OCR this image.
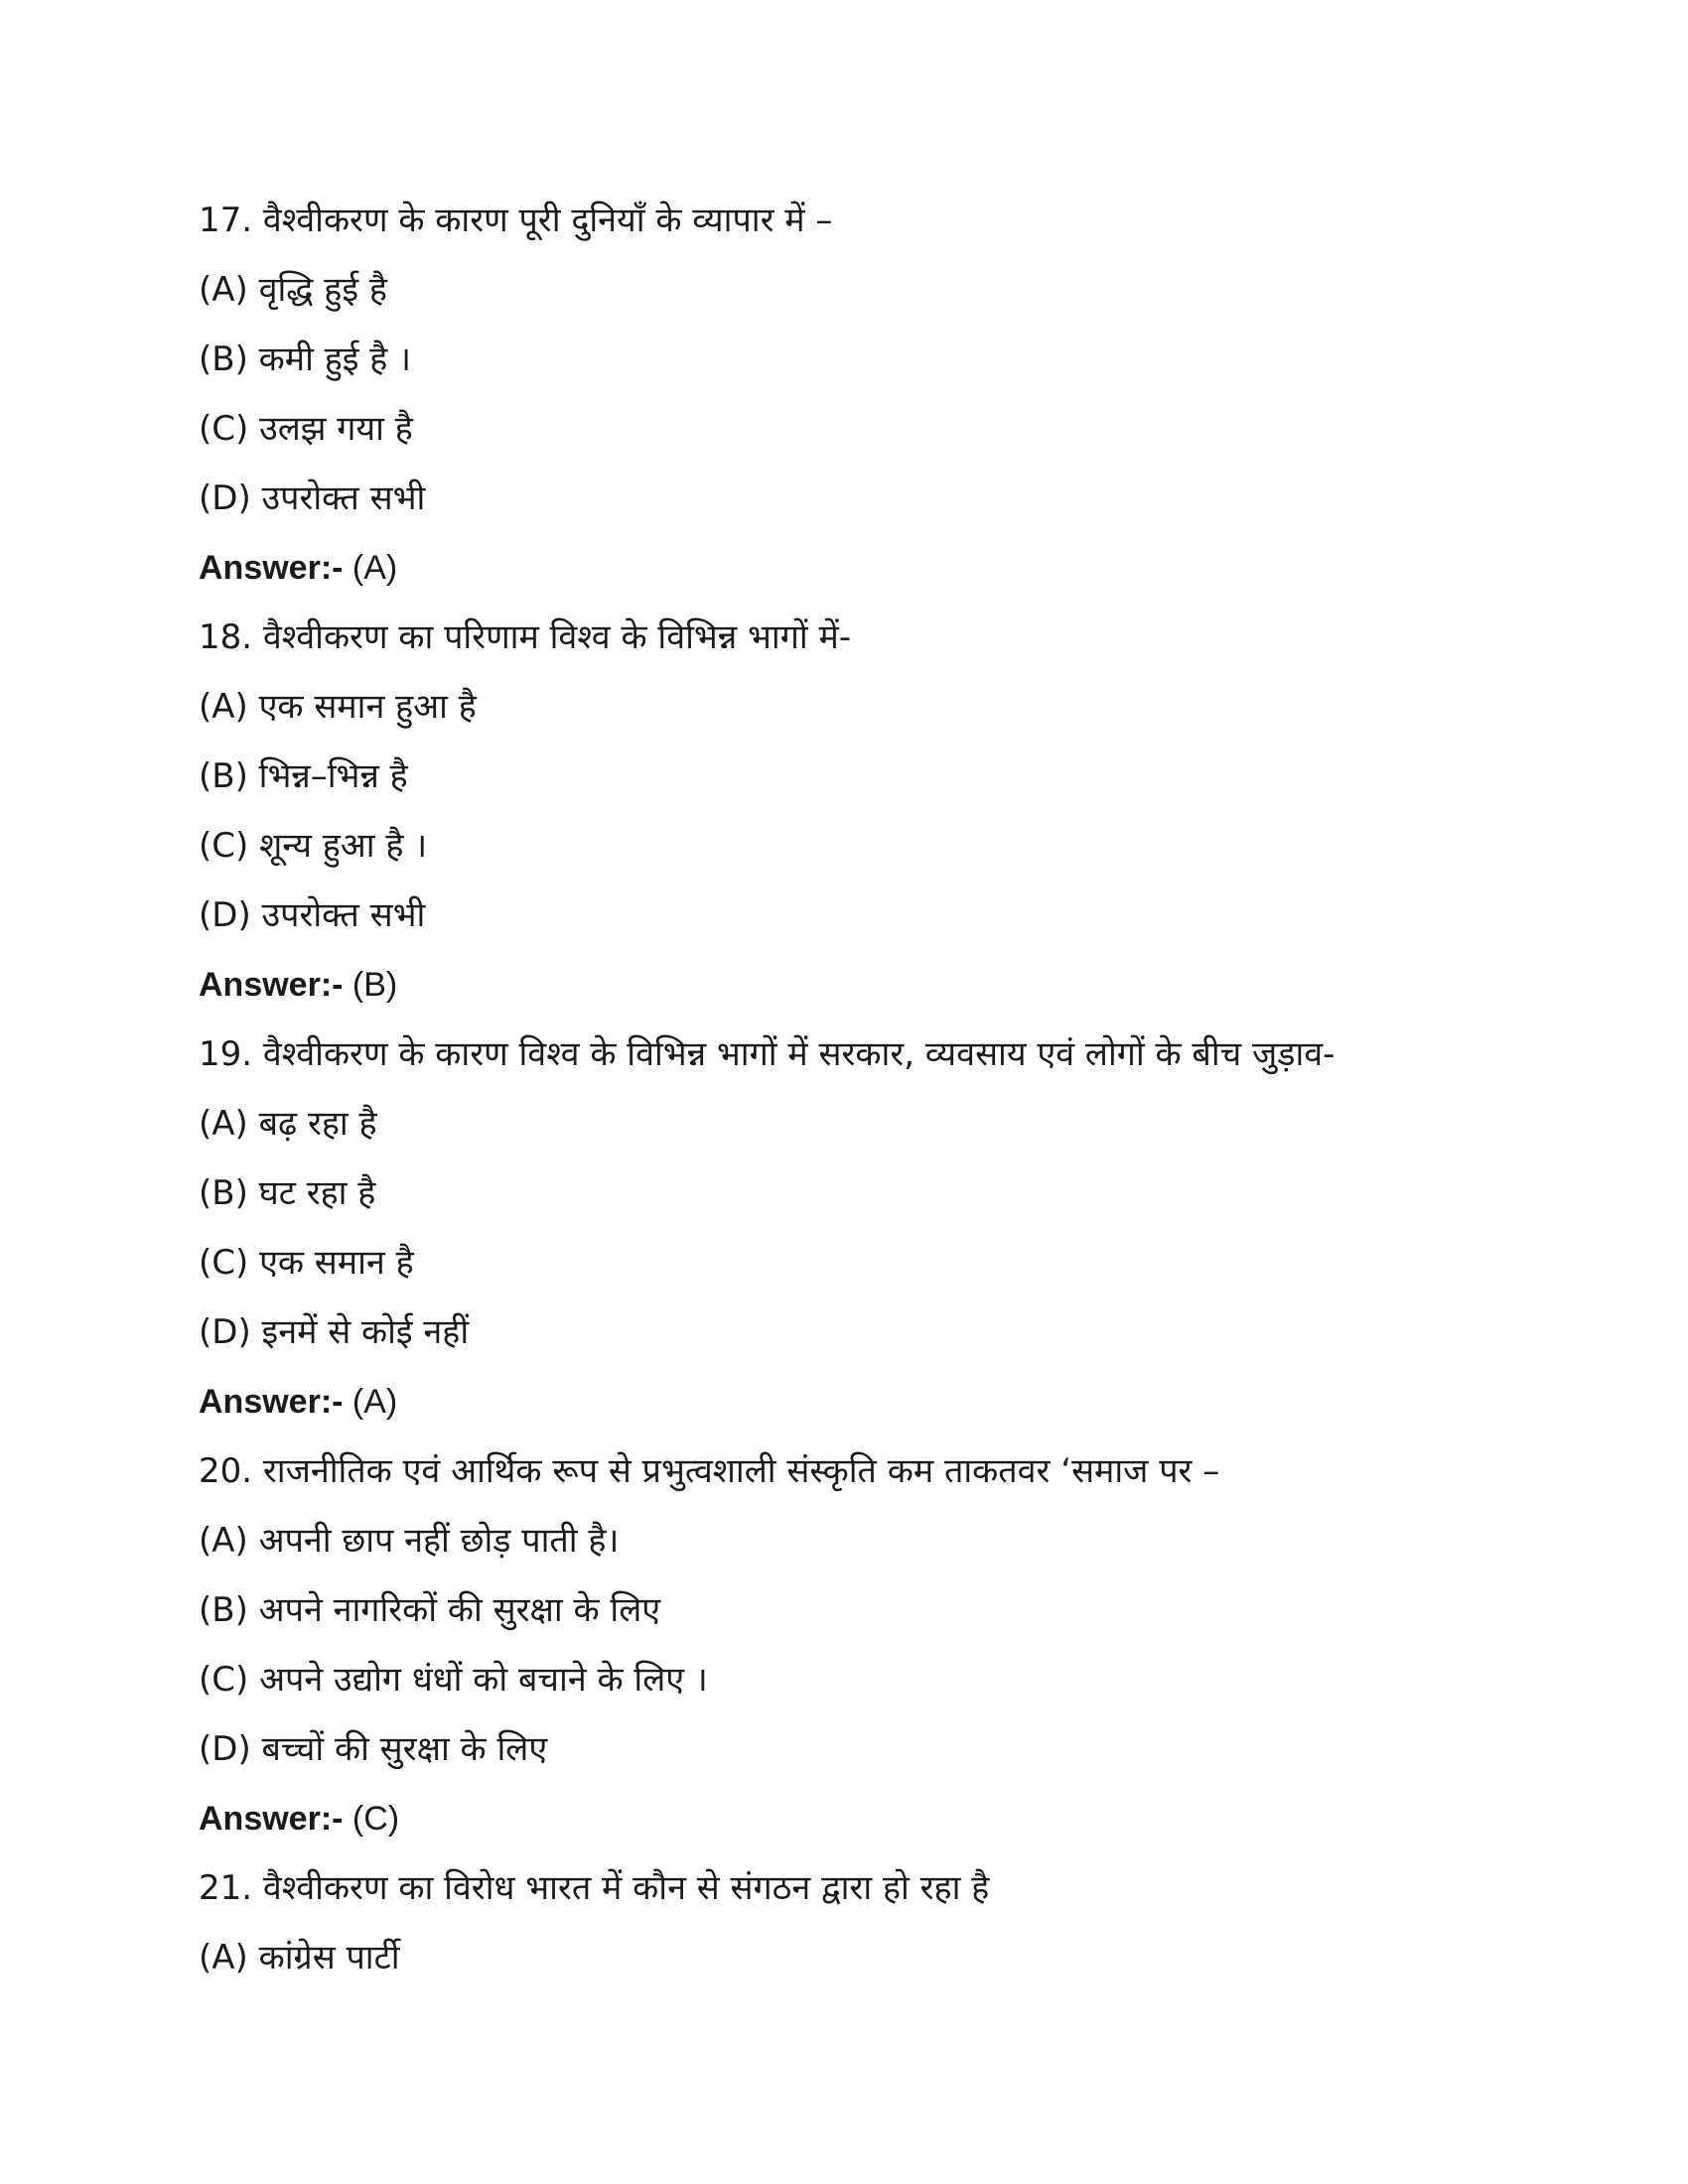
17. वैश्वीकरण के कारण पूरी दुनियाँ के व्यापार में –
(A) वृद्धि हुई है
(B) कमी हुई है ।
(C) उलझ गया है
(D) उपरोक्त सभी
Answer:- (A)
18. वैश्वीकरण का परिणाम विश्व के विभिन्न भागों में-
(A) एक समान हुआ है
(B) भिन्न–भिन्न है
(C) शून्य हुआ है ।
(D) उपरोक्त सभी
Answer:- (B)
19. वैश्वीकरण के कारण विश्व के विभिन्न भागों में सरकार, व्यवसाय एवं लोगों के बीच जुड़ाव-
(A) बढ़ रहा है
(B) घट रहा है
(C) एक समान है
(D) इनमें से कोई नहीं
Answer:- (A)
20. राजनीतिक एवं आर्थिक रूप से प्रभुत्वशाली संस्कृति कम ताकतवर ‘समाज पर –
(A) अपनी छाप नहीं छोड़ पाती है।
(B) अपने नागरिकों की सुरक्षा के लिए
(C) अपने उद्योग धंधों को बचाने के लिए ।
(D) बच्चों की सुरक्षा के लिए
Answer:- (C)
21. वैश्वीकरण का विरोध भारत में कौन से संगठन द्वारा हो रहा है
(A) कांग्रेस पार्टी
